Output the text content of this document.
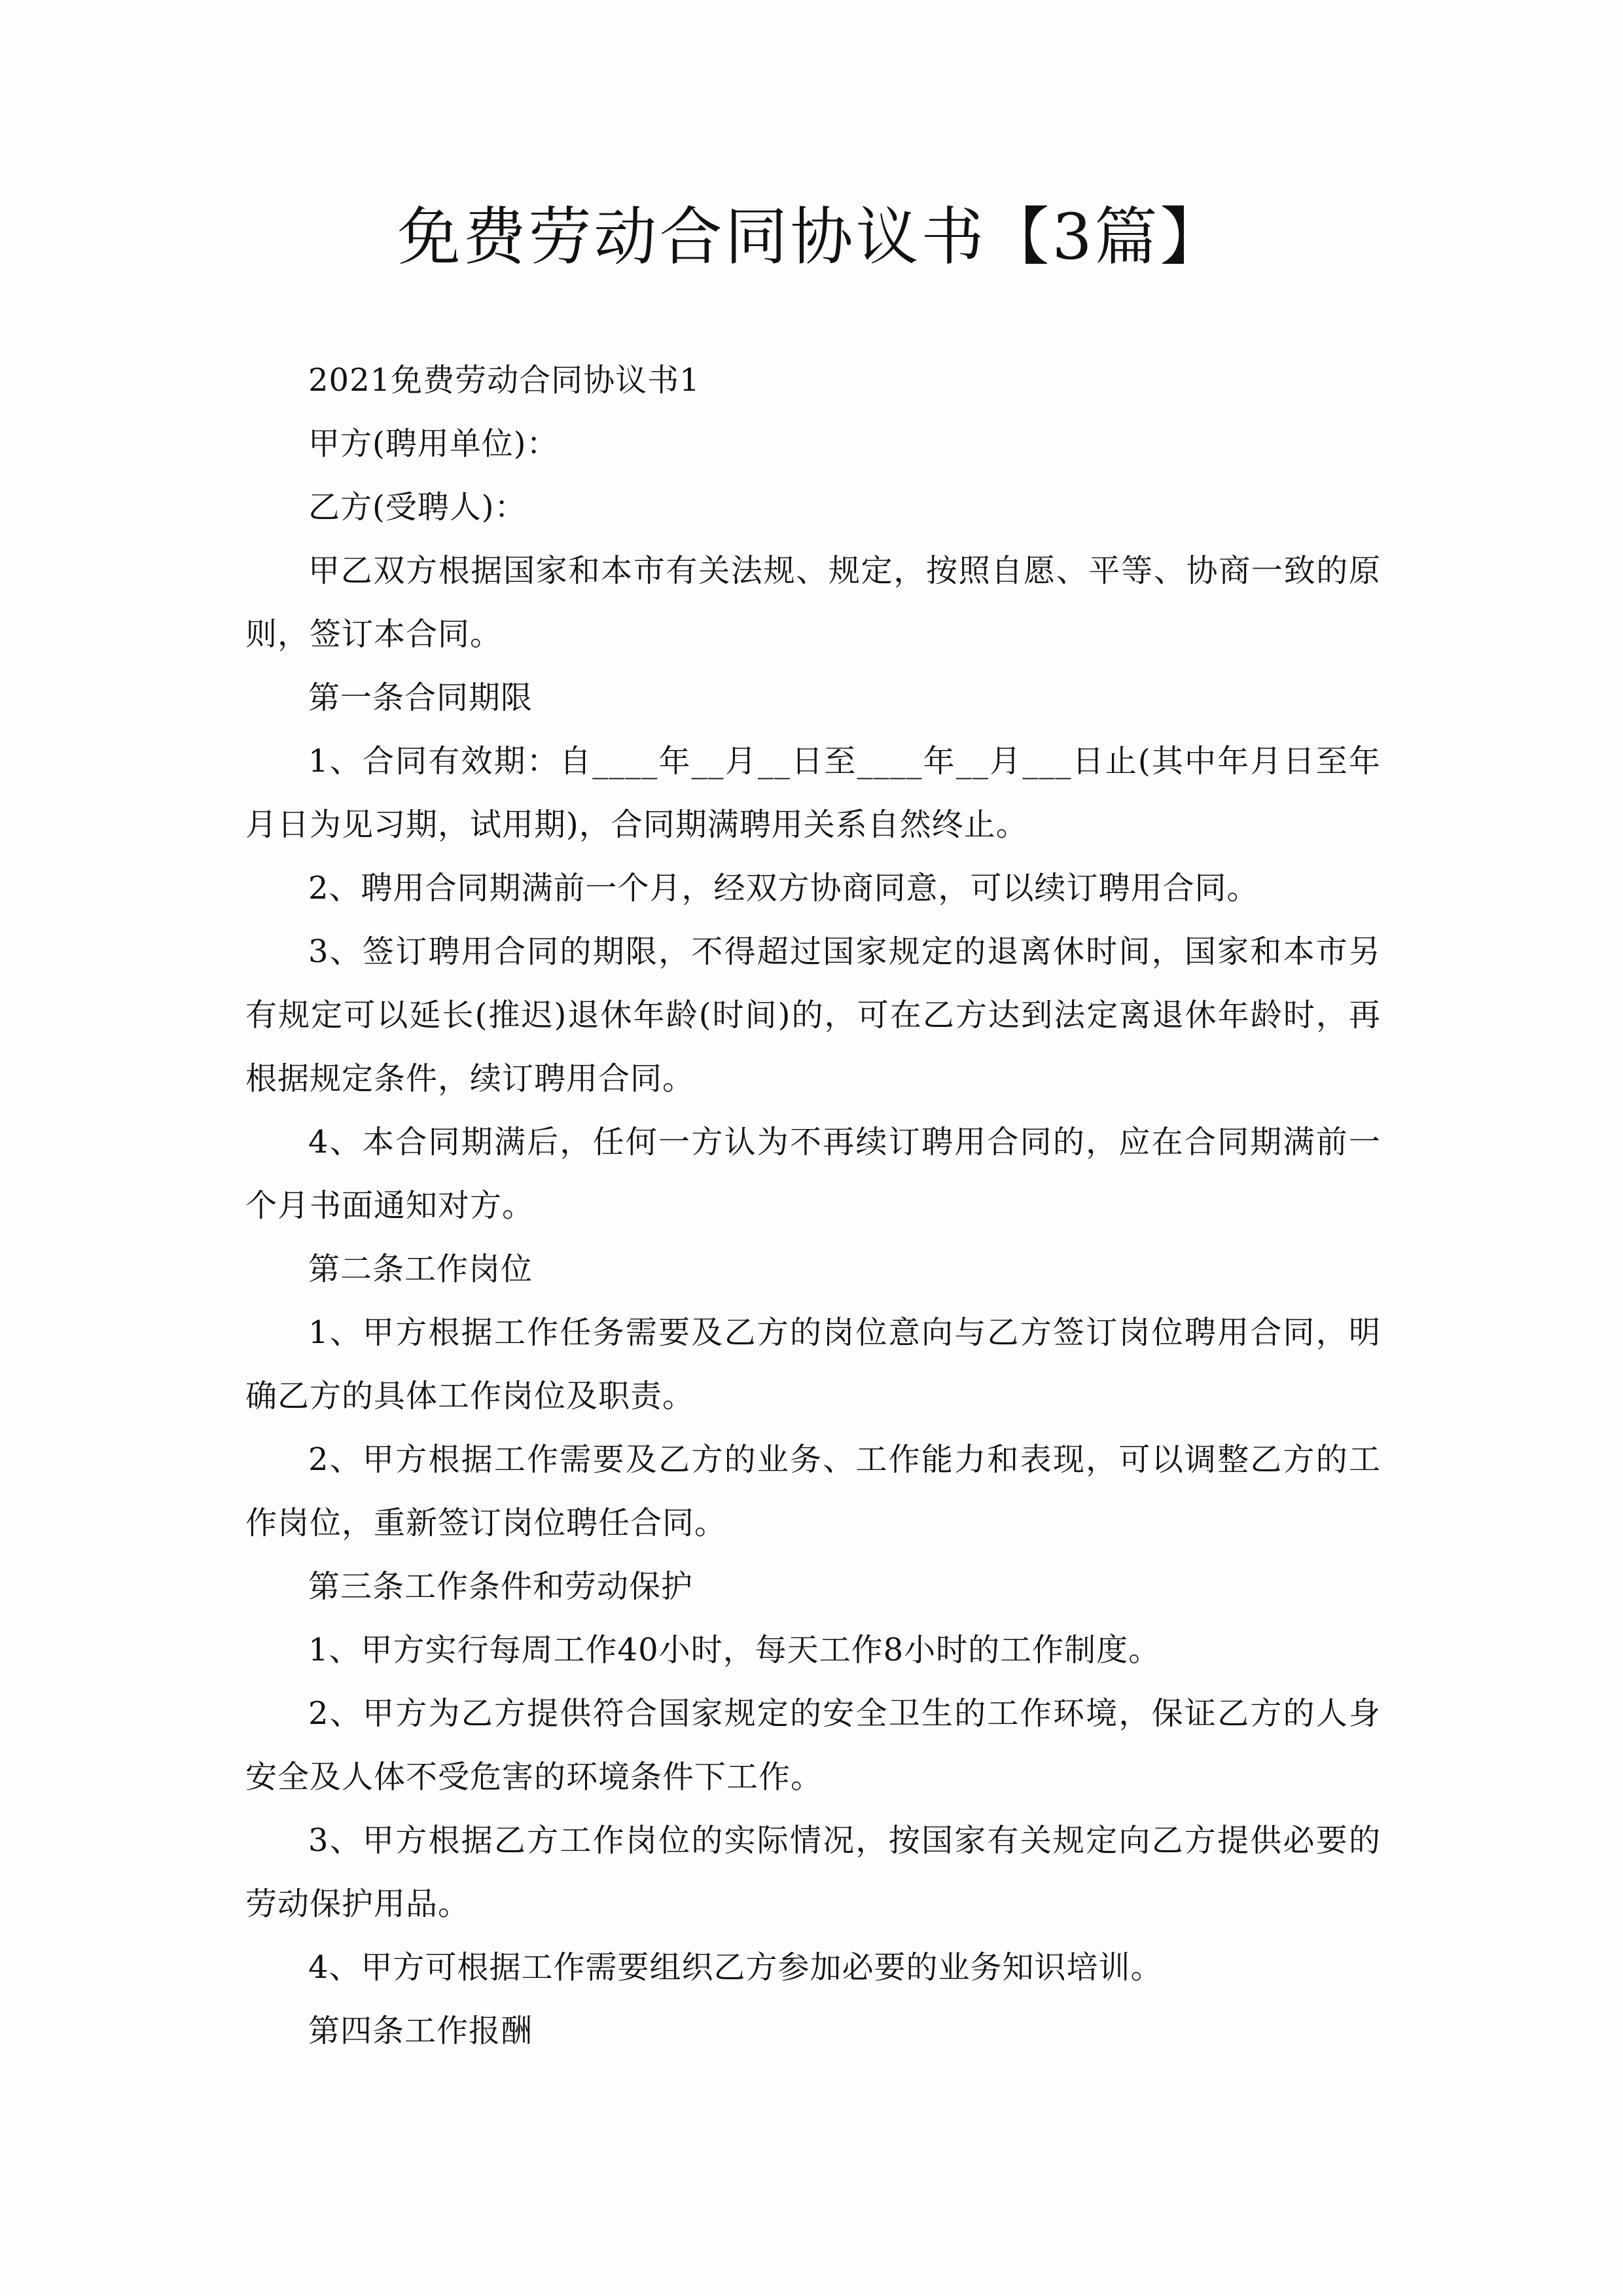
免费劳动合同协议书【3篇】

2021免费劳动合同协议书1

甲方(聘用单位)：

乙方(受聘人)：

甲乙双方根据国家和本市有关法规、规定，按照自愿、平等、协商一致的原则，签订本合同。

第一条合同期限

1、合同有效期：自____年__月__日至____年__月___日止(其中年月日至年月日为见习期，试用期)，合同期满聘用关系自然终止。

2、聘用合同期满前一个月，经双方协商同意，可以续订聘用合同。

3、签订聘用合同的期限，不得超过国家规定的退离休时间，国家和本市另有规定可以延长(推迟)退休年龄(时间)的，可在乙方达到法定离退休年龄时，再根据规定条件，续订聘用合同。

4、本合同期满后，任何一方认为不再续订聘用合同的，应在合同期满前一个月书面通知对方。

第二条工作岗位

1、甲方根据工作任务需要及乙方的岗位意向与乙方签订岗位聘用合同，明确乙方的具体工作岗位及职责。

2、甲方根据工作需要及乙方的业务、工作能力和表现，可以调整乙方的工作岗位，重新签订岗位聘任合同。

第三条工作条件和劳动保护

1、甲方实行每周工作40小时，每天工作8小时的工作制度。

2、甲方为乙方提供符合国家规定的安全卫生的工作环境，保证乙方的人身安全及人体不受危害的环境条件下工作。

3、甲方根据乙方工作岗位的实际情况，按国家有关规定向乙方提供必要的劳动保护用品。

4、甲方可根据工作需要组织乙方参加必要的业务知识培训。

第四条工作报酬
